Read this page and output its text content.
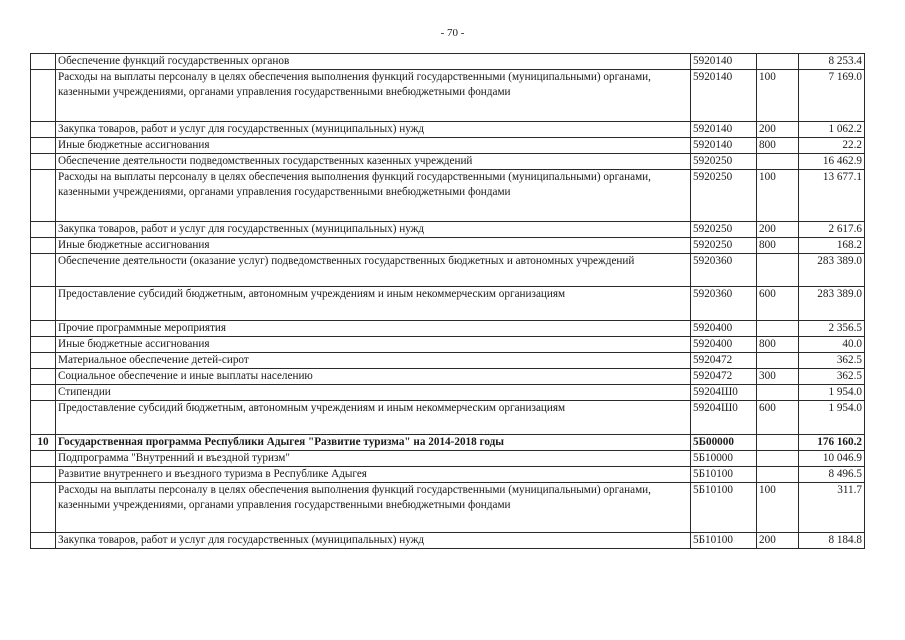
- 70 -
	Обеспечение функций государственных органов	5920140		8 253.4
	Расходы на выплаты персоналу в целях обеспечения выполнения функций государственными (муниципальными) органами, казенными учреждениями, органами управления государственными внебюджетными фондами	5920140	100	7 169.0
	Закупка товаров, работ и услуг для государственных (муниципальных) нужд	5920140	200	1 062.2
	Иные бюджетные ассигнования	5920140	800	22.2
	Обеспечение деятельности подведомственных государственных казенных учреждений	5920250		16 462.9
	Расходы на выплаты персоналу в целях обеспечения выполнения функций государственными (муниципальными) органами, казенными учреждениями, органами управления государственными внебюджетными фондами	5920250	100	13 677.1
	Закупка товаров, работ и услуг для государственных (муниципальных) нужд	5920250	200	2 617.6
	Иные бюджетные ассигнования	5920250	800	168.2
	Обеспечение деятельности (оказание услуг) подведомственных государственных бюджетных и автономных учреждений	5920360		283 389.0
	Предоставление субсидий бюджетным, автономным учреждениям и иным некоммерческим организациям	5920360	600	283 389.0
	Прочие программные мероприятия	5920400		2 356.5
	Иные бюджетные ассигнования	5920400	800	40.0
	Материальное обеспечение детей-сирот	5920472		362.5
	Социальное обеспечение и иные выплаты населению	5920472	300	362.5
	Стипендии	59204Ш0		1 954.0
	Предоставление субсидий бюджетным, автономным учреждениям и иным некоммерческим организациям	59204Ш0	600	1 954.0
10	Государственная программа Республики Адыгея "Развитие туризма" на 2014-2018 годы	5Б00000		176 160.2
	Подпрограмма "Внутренний и въездной туризм"	5Б10000		10 046.9
	Развитие внутреннего и въездного туризма в Республике Адыгея	5Б10100		8 496.5
	Расходы на выплаты персоналу в целях обеспечения выполнения функций государственными (муниципальными) органами, казенными учреждениями, органами управления государственными внебюджетными фондами	5Б10100	100	311.7
	Закупка товаров, работ и услуг для государственных (муниципальных) нужд	5Б10100	200	8 184.8
